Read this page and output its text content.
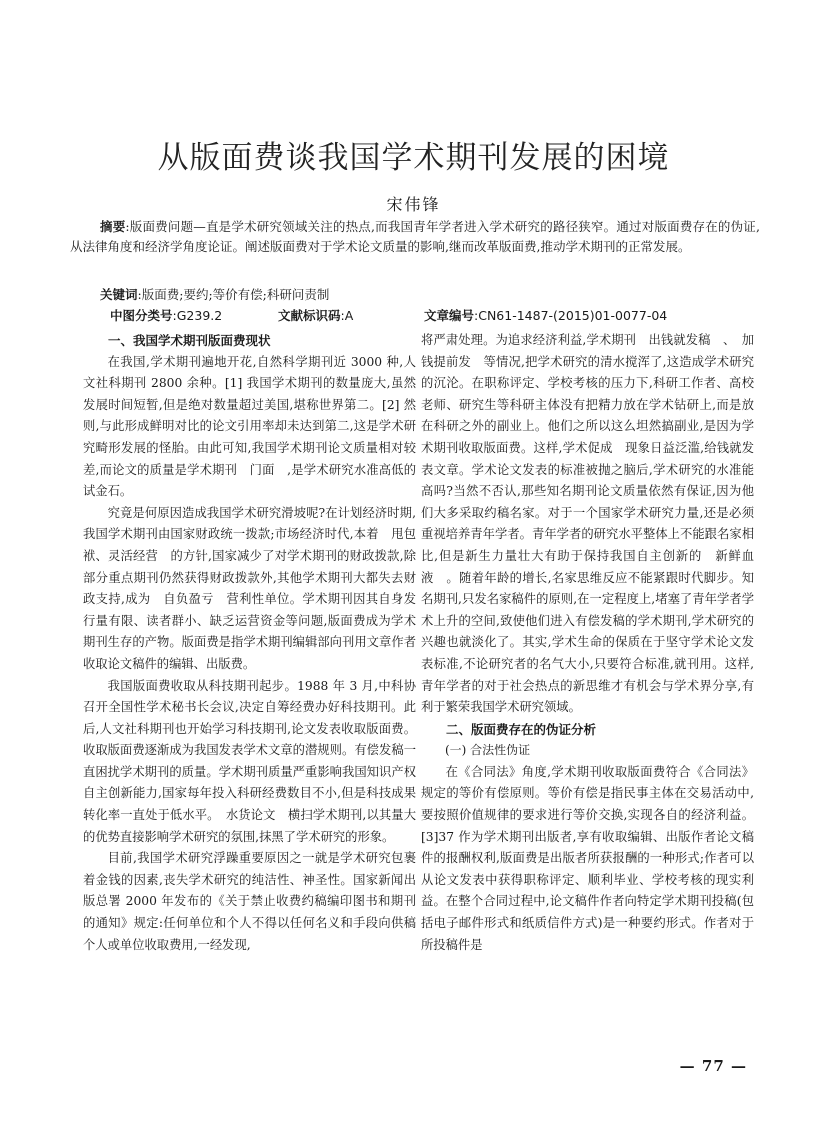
从版面费谈我国学术期刊发展的困境
宋伟锋
摘要:版面费问题—直是学术研究领域关注的热点,而我国青年学者进入学术研究的路径狭窄。通过对版面费存在的伪证,从法律角度和经济学角度论证。阐述版面费对于学术论文质量的影响,继而改革版面费,推动学术期刊的正常发展。
关键词:版面费;要约;等价有偿;科研问责制
中图分类号:G239.2	文献标识码:A	文章编号:CN61-1487-(2015)01-0077-04
一、我国学术期刊版面费现状

在我国,学术期刊遍地开花,自然科学期刊近 3000 种,人文社科期刊 2800 余种。[1] 我国学术期刊的数量庞大,虽然发展时间短暂,但是绝对数量超过美国,堪称世界第二。[2] 然则,与此形成鲜明对比的论文引用率却未达到第二,这是学术研究畸形发展的怪胎。由此可知,我国学术期刊论文质量相对较差,而论文的质量是学术期刊　门面　,是学术研究水准高低的试金石。

究竟是何原因造成我国学术研究滑坡呢?在计划经济时期,我国学术期刊由国家财政统一拨款;市场经济时代,本着　甩包袱、灵活经营　的方针,国家减少了对学术期刊的财政拨款,除部分重点期刊仍然获得财政拨款外,其他学术期刊大都失去财政支持,成为　自负盈亏　营利性单位。学术期刊因其自身发行量有限、读者群小、缺乏运营资金等问题,版面费成为学术期刊生存的产物。版面费是指学术期刊编辑部向刊用文章作者收取论文稿件的编辑、出版费。

我国版面费收取从科技期刊起步。1988 年 3 月,中科协召开全国性学术秘书长会议,决定自筹经费办好科技期刊。此后,人文社科期刊也开始学习科技期刊,论文发表收取版面费。收取版面费逐渐成为我国发表学术文章的潜规则。有偿发稿一直困扰学术期刊的质量。学术期刊质量严重影响我国知识产权自主创新能力,国家每年投入科研经费数目不小,但是科技成果转化率一直处于低水平。　水货论文　横扫学术期刊,以其量大的优势直接影响学术研究的氛围,抹黑了学术研究的形象。

目前,我国学术研究浮躁重要原因之一就是学术研究包裹着金钱的因素,丧失学术研究的纯洁性、神圣性。国家新闻出版总署 2000 年发布的《关于禁止收费约稿编印图书和期刊的通知》规定:任何单位和个人不得以任何名义和手段向供稿个人或单位收取费用,一经发现,

将严肃处理。为追求经济利益,学术期刊　出钱就发稿　、　加钱提前发　等情况,把学术研究的清水搅浑了,这造成学术研究的沉沦。在职称评定、学校考核的压力下,科研工作者、高校老师、研究生等科研主体没有把精力放在学术钻研上,而是放在科研之外的副业上。他们之所以这么坦然搞副业,是因为学术期刊收取版面费。这样,学术促成　现象日益泛滥,给钱就发表文章。学术论文发表的标准被抛之脑后,学术研究的水准能高吗?当然不否认,那些知名期刊论文质量依然有保证,因为他们大多采取约稿名家。对于一个国家学术研究力量,还是必须重视培养青年学者。青年学者的研究水平整体上不能跟名家相比,但是新生力量壮大有助于保持我国自主创新的　新鲜血液　。随着年龄的增长,名家思维反应不能紧跟时代脚步。知名期刊,只发名家稿件的原则,在一定程度上,堵塞了青年学者学术上升的空间,致使他们进入有偿发稿的学术期刊,学术研究的兴趣也就淡化了。其实,学术生命的保质在于坚守学术论文发表标准,不论研究者的名气大小,只要符合标准,就刊用。这样,青年学者的对于社会热点的新思维才有机会与学术界分享,有利于繁荣我国学术研究领域。

二、版面费存在的伪证分析
(一) 合法性伪证

在《合同法》角度,学术期刊收取版面费符合《合同法》规定的等价有偿原则。等价有偿是指民事主体在交易活动中,要按照价值规律的要求进行等价交换,实现各自的经济利益。[3]37 作为学术期刊出版者,享有收取编辑、出版作者论文稿件的报酬权利,版面费是出版者所获报酬的一种形式;作者可以从论文发表中获得职称评定、顺利毕业、学校考核的现实利益。在整个合同过程中,论文稿件作者向特定学术期刊投稿(包括电子邮件形式和纸质信件方式)是一种要约形式。作者对于所投稿件是

— 77 —
